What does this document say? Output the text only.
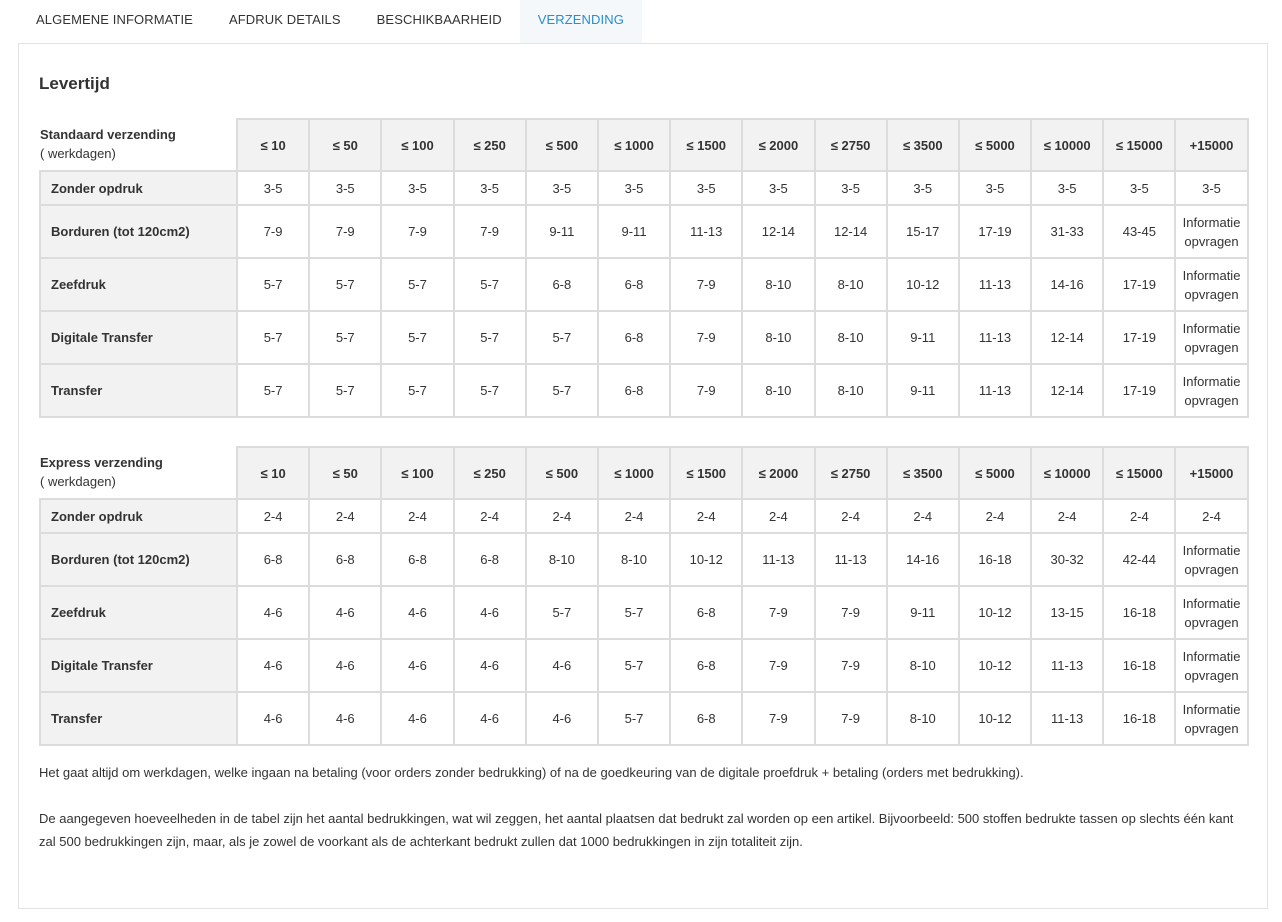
ALGEMENE INFORMATIE	AFDRUK DETAILS	BESCHIKBAARHEID	VERZENDING
Levertijd
Standaard verzending
( werkdagen)	≤ 10	≤ 50	≤ 100	≤ 250	≤ 500	≤ 1000	≤ 1500	≤ 2000	≤ 2750	≤ 3500	≤ 5000	≤ 10000	≤ 15000	+15000
Zonder opdruk	3-5	3-5	3-5	3-5	3-5	3-5	3-5	3-5	3-5	3-5	3-5	3-5	3-5	3-5
Borduren (tot 120cm2)	7-9	7-9	7-9	7-9	9-11	9-11	11-13	12-14	12-14	15-17	17-19	31-33	43-45	Informatie opvragen
Zeefdruk	5-7	5-7	5-7	5-7	6-8	6-8	7-9	8-10	8-10	10-12	11-13	14-16	17-19	Informatie opvragen
Digitale Transfer	5-7	5-7	5-7	5-7	5-7	6-8	7-9	8-10	8-10	9-11	11-13	12-14	17-19	Informatie opvragen
Transfer	5-7	5-7	5-7	5-7	5-7	6-8	7-9	8-10	8-10	9-11	11-13	12-14	17-19	Informatie opvragen
Express verzending
( werkdagen)	≤ 10	≤ 50	≤ 100	≤ 250	≤ 500	≤ 1000	≤ 1500	≤ 2000	≤ 2750	≤ 3500	≤ 5000	≤ 10000	≤ 15000	+15000
Zonder opdruk	2-4	2-4	2-4	2-4	2-4	2-4	2-4	2-4	2-4	2-4	2-4	2-4	2-4	2-4
Borduren (tot 120cm2)	6-8	6-8	6-8	6-8	8-10	8-10	10-12	11-13	11-13	14-16	16-18	30-32	42-44	Informatie opvragen
Zeefdruk	4-6	4-6	4-6	4-6	5-7	5-7	6-8	7-9	7-9	9-11	10-12	13-15	16-18	Informatie opvragen
Digitale Transfer	4-6	4-6	4-6	4-6	4-6	5-7	6-8	7-9	7-9	8-10	10-12	11-13	16-18	Informatie opvragen
Transfer	4-6	4-6	4-6	4-6	4-6	5-7	6-8	7-9	7-9	8-10	10-12	11-13	16-18	Informatie opvragen
Het gaat altijd om werkdagen, welke ingaan na betaling (voor orders zonder bedrukking) of na de goedkeuring van de digitale proefdruk + betaling (orders met bedrukking).
De aangegeven hoeveelheden in de tabel zijn het aantal bedrukkingen, wat wil zeggen, het aantal plaatsen dat bedrukt zal worden op een artikel. Bijvoorbeeld: 500 stoffen bedrukte tassen op slechts één kant zal 500 bedrukkingen zijn, maar, als je zowel de voorkant als de achterkant bedrukt zullen dat 1000 bedrukkingen in zijn totaliteit zijn.
